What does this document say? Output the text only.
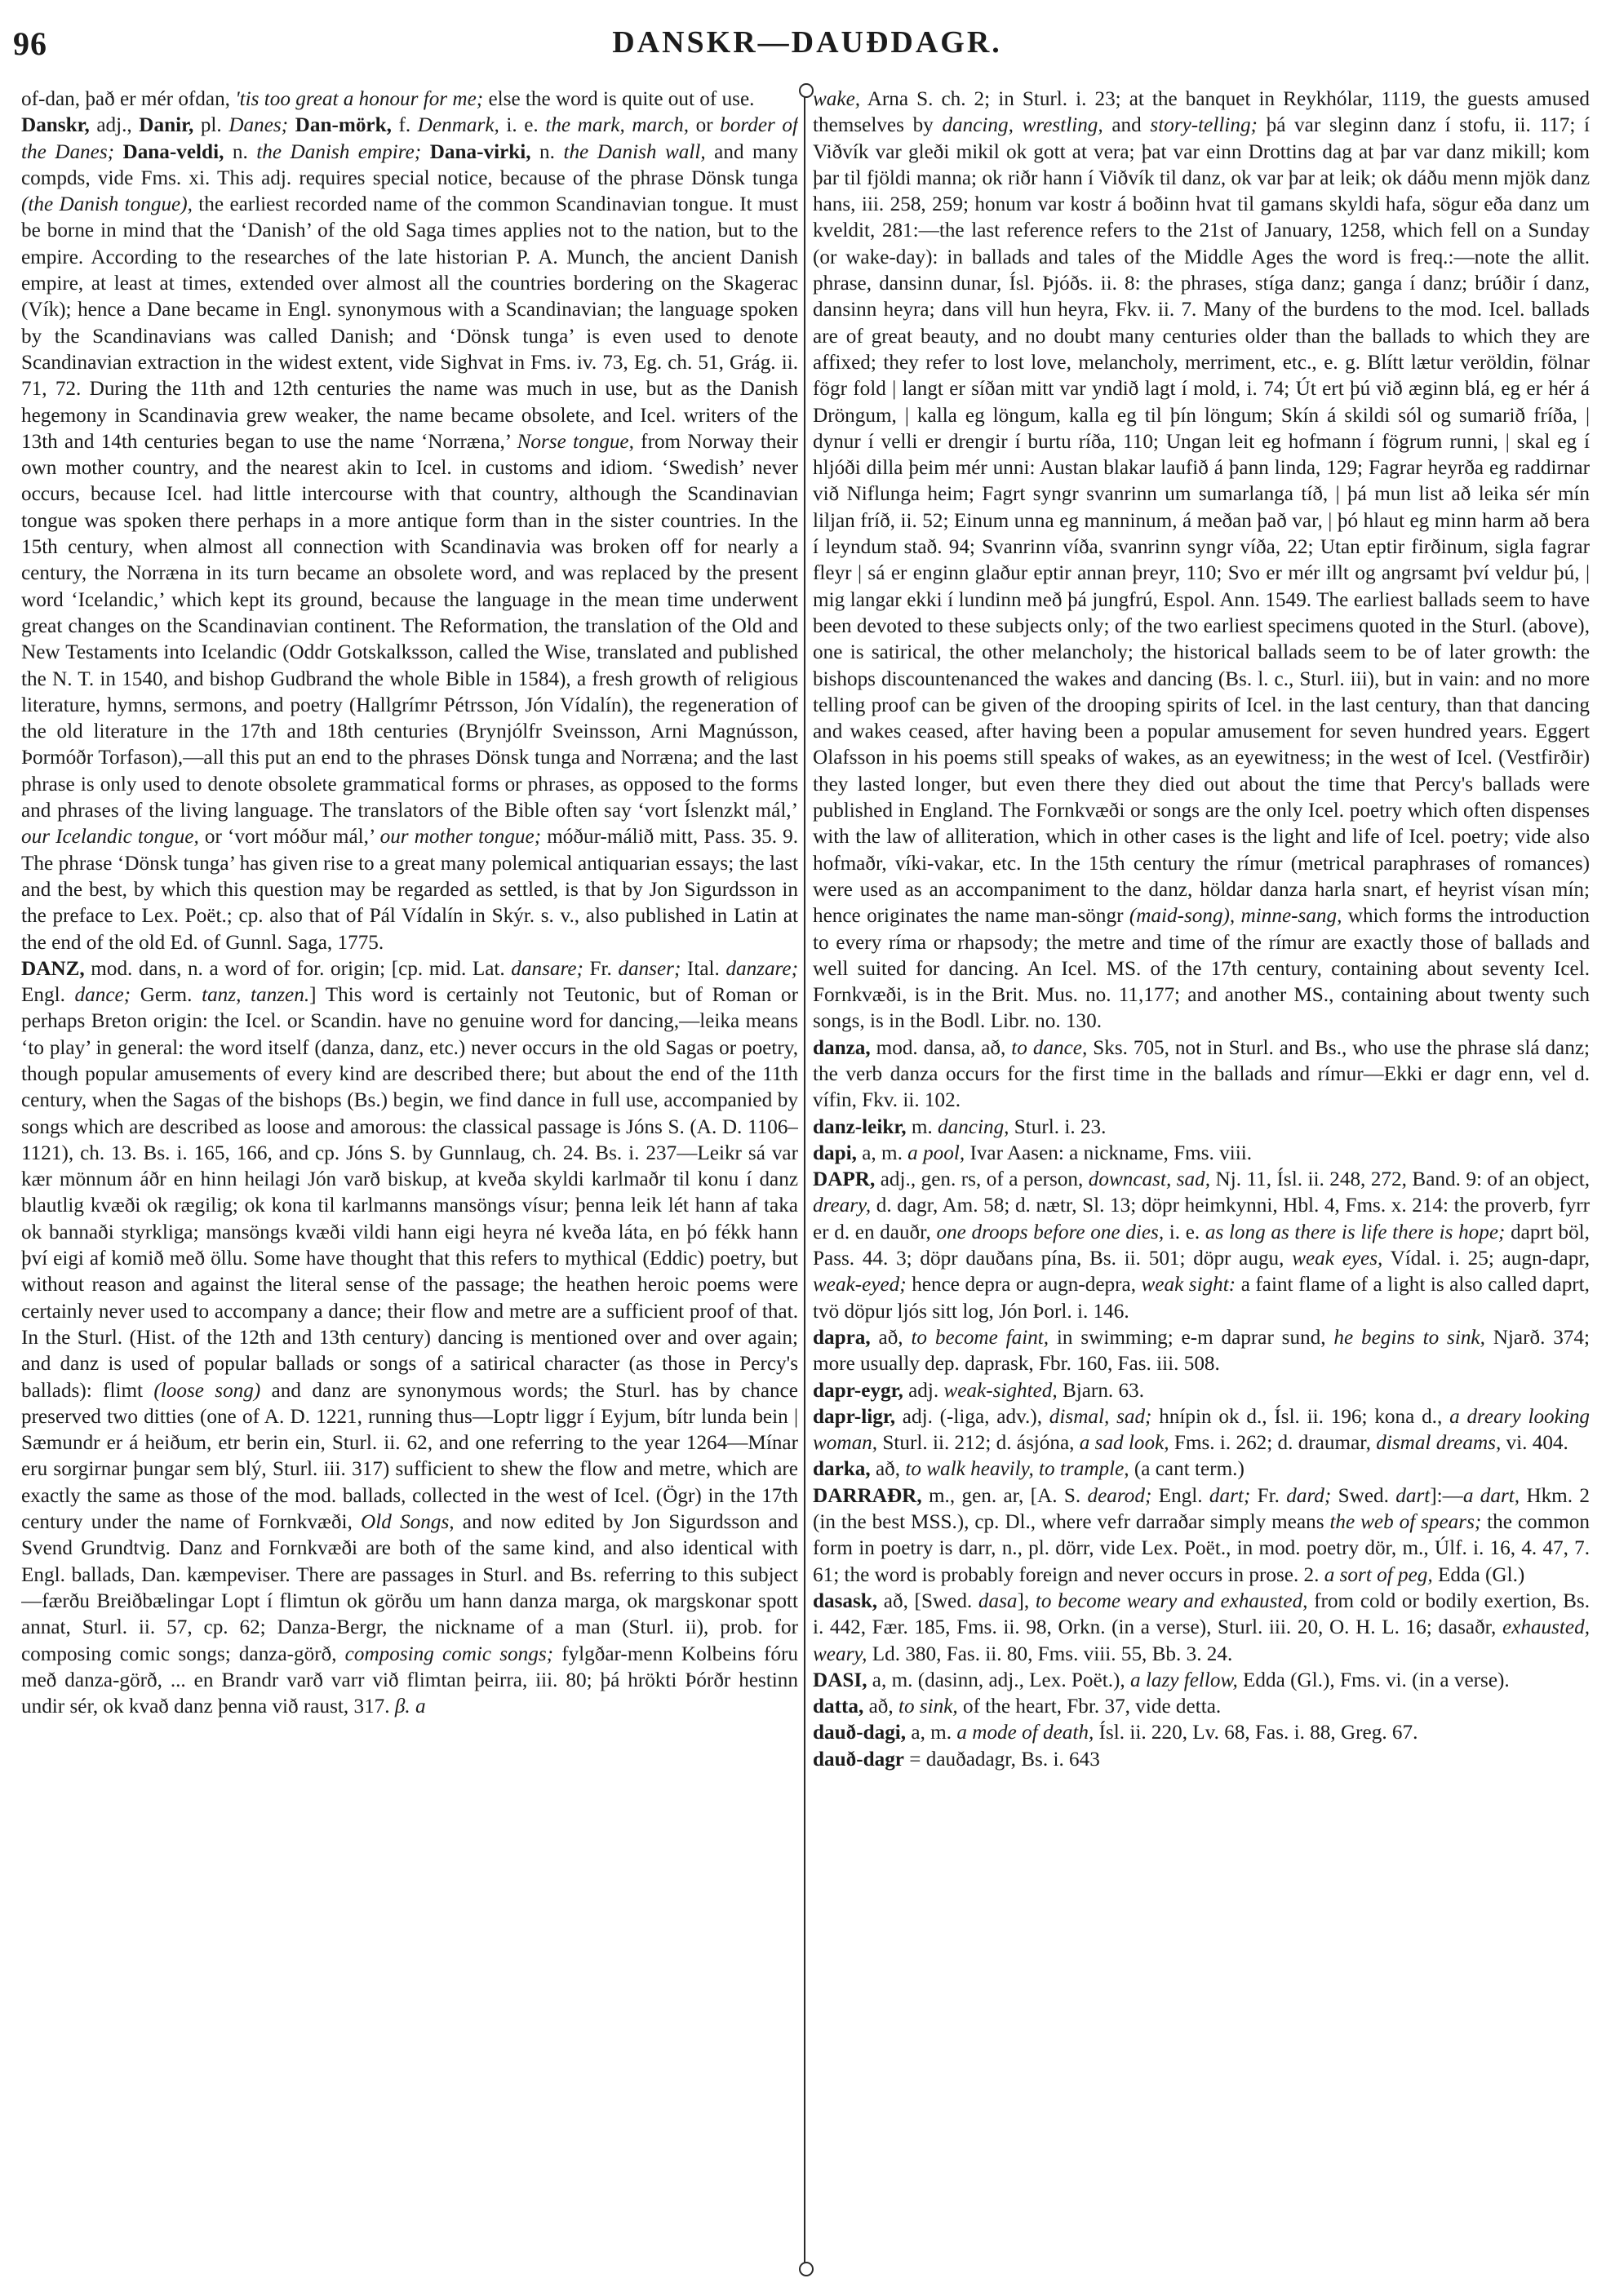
96	DANSKR—DAUÐDAGR.

of-dan, það er mér ofdan, 'tis too great a honour for me; else the word is quite out of use.

Danskr, adj., Danir, pl. Danes; Dan-mörk, f. Denmark, i. e. the mark, march, or border of the Danes; Dana-veldi, n. the Danish empire; Dana-virki, n. the Danish wall, and many compds, vide Fms. xi. This adj. requires special notice, because of the phrase Dönsk tunga (the Danish tongue), the earliest recorded name of the common Scandinavian tongue. It must be borne in mind that the ‘Danish’ of the old Saga times applies not to the nation, but to the empire. According to the researches of the late historian P. A. Munch, the ancient Danish empire, at least at times, extended over almost all the countries bordering on the Skagerac (Vík); hence a Dane became in Engl. synonymous with a Scandinavian; the language spoken by the Scandinavians was called Danish; and ‘Dönsk tunga’ is even used to denote Scandinavian extraction in the widest extent, vide Sighvat in Fms. iv. 73, Eg. ch. 51, Grág. ii. 71, 72. During the 11th and 12th centuries the name was much in use, but as the Danish hegemony in Scandinavia grew weaker, the name became obsolete, and Icel. writers of the 13th and 14th centuries began to use the name ‘Norræna,’ Norse tongue, from Norway their own mother country, and the nearest akin to Icel. in customs and idiom. ‘Swedish’ never occurs, because Icel. had little intercourse with that country, although the Scandinavian tongue was spoken there perhaps in a more antique form than in the sister countries. In the 15th century, when almost all connection with Scandinavia was broken off for nearly a century, the Norræna in its turn became an obsolete word, and was replaced by the present word ‘Icelandic,’ which kept its ground, because the language in the mean time underwent great changes on the Scandinavian continent. The Reformation, the translation of the Old and New Testaments into Icelandic (Oddr Gotskalksson, called the Wise, translated and published the N. T. in 1540, and bishop Gudbrand the whole Bible in 1584), a fresh growth of religious literature, hymns, sermons, and poetry (Hallgrímr Pétrsson, Jón Vídalín), the regeneration of the old literature in the 17th and 18th centuries (Brynjólfr Sveinsson, Arni Magnússon, Þormóðr Torfason),—all this put an end to the phrases Dönsk tunga and Norræna; and the last phrase is only used to denote obsolete grammatical forms or phrases, as opposed to the forms and phrases of the living language. The translators of the Bible often say ‘vort Íslenzkt mál,’ our Icelandic tongue, or ‘vort móður mál,’ our mother tongue; móður-málið mitt, Pass. 35. 9. The phrase ‘Dönsk tunga’ has given rise to a great many polemical antiquarian essays; the last and the best, by which this question may be regarded as settled, is that by Jon Sigurdsson in the preface to Lex. Poët.; cp. also that of Pál Vídalín in Skýr. s. v., also published in Latin at the end of the old Ed. of Gunnl. Saga, 1775.

DANZ, mod. dans, n. a word of for. origin; [cp. mid. Lat. dansare; Fr. danser; Ital. danzare; Engl. dance; Germ. tanz, tanzen.] This word is certainly not Teutonic, but of Roman or perhaps Breton origin: the Icel. or Scandin. have no genuine word for dancing,—leika means ‘to play’ in general: the word itself (danza, danz, etc.) never occurs in the old Sagas or poetry, though popular amusements of every kind are described there; but about the end of the 11th century, when the Sagas of the bishops (Bs.) begin, we find dance in full use, accompanied by songs which are described as loose and amorous: the classical passage is Jóns S. (A. D. 1106–1121), ch. 13. Bs. i. 165, 166, and cp. Jóns S. by Gunnlaug, ch. 24. Bs. i. 237—Leikr sá var kær mönnum áðr en hinn heilagi Jón varð biskup, at kveða skyldi karlmaðr til konu í danz blautlig kvæði ok rægilig; ok kona til karlmanns mansöngs vísur; þenna leik lét hann af taka ok bannaði styrkliga; mansöngs kvæði vildi hann eigi heyra né kveða láta, en þó fékk hann því eigi af komið með öllu. Some have thought that this refers to mythical (Eddic) poetry, but without reason and against the literal sense of the passage; the heathen heroic poems were certainly never used to accompany a dance; their flow and metre are a sufficient proof of that. In the Sturl. (Hist. of the 12th and 13th century) dancing is mentioned over and over again; and danz is used of popular ballads or songs of a satirical character (as those in Percy's ballads): flimt (loose song) and danz are synonymous words; the Sturl. has by chance preserved two ditties (one of A. D. 1221, running thus—Loptr liggr í Eyjum, bítr lunda bein | Sæmundr er á heiðum, etr berin ein, Sturl. ii. 62, and one referring to the year 1264—Mínar eru sorgirnar þungar sem blý, Sturl. iii. 317) sufficient to shew the flow and metre, which are exactly the same as those of the mod. ballads, collected in the west of Icel. (Ögr) in the 17th century under the name of Fornkvæði, Old Songs, and now edited by Jon Sigurdsson and Svend Grundtvig. Danz and Fornkvæði are both of the same kind, and also identical with Engl. ballads, Dan. kæmpeviser. There are passages in Sturl. and Bs. referring to this subject—færðu Breiðbælingar Lopt í flimtun ok görðu um hann danza marga, ok margskonar spott annat, Sturl. ii. 57, cp. 62; Danza-Bergr, the nickname of a man (Sturl. ii), prob. for composing comic songs; danza-görð, composing comic songs; fylgðar-menn Kolbeins fóru með danza-görð, ... en Brandr varð varr við flimtan þeirra, iii. 80; þá hrökti Þórðr hestinn undir sér, ok kvað danz þenna við raust, 317. β. a

wake, Arna S. ch. 2; in Sturl. i. 23; at the banquet in Reykhólar, 1119, the guests amused themselves by dancing, wrestling, and story-telling; þá var sleginn danz í stofu, ii. 117; í Viðvík var gleði mikil ok gott at vera; þat var einn Drottins dag at þar var danz mikill; kom þar til fjöldi manna; ok riðr hann í Viðvík til danz, ok var þar at leik; ok dáðu menn mjök danz hans, iii. 258, 259; honum var kostr á boðinn hvat til gamans skyldi hafa, sögur eða danz um kveldit, 281:—the last reference refers to the 21st of January, 1258, which fell on a Sunday (or wake-day): in ballads and tales of the Middle Ages the word is freq.:—note the allit. phrase, dansinn dunar, Ísl. Þjóðs. ii. 8: the phrases, stíga danz; ganga í danz; brúðir í danz, dansinn heyra; dans vill hun heyra, Fkv. ii. 7. Many of the burdens to the mod. Icel. ballads are of great beauty, and no doubt many centuries older than the ballads to which they are affixed; they refer to lost love, melancholy, merriment, etc., e. g. Blítt lætur veröldin, fölnar fögr fold | langt er síðan mitt var yndið lagt í mold, i. 74; Út ert þú við æginn blá, eg er hér á Dröngum, | kalla eg löngum, kalla eg til þín löngum; Skín á skildi sól og sumarið fríða, | dynur í velli er drengir í burtu ríða, 110; Ungan leit eg hofmann í fögrum runni, | skal eg í hljóði dilla þeim mér unni: Austan blakar laufið á þann linda, 129; Fagrar heyrða eg raddirnar við Niflunga heim; Fagrt syngr svanrinn um sumarlanga tíð, | þá mun list að leika sér mín liljan fríð, ii. 52; Einum unna eg manninum, á meðan það var, | þó hlaut eg minn harm að bera í leyndum stað. 94; Svanrinn víða, svanrinn syngr víða, 22; Utan eptir firðinum, sigla fagrar fleyr | sá er enginn glaður eptir annan þreyr, 110; Svo er mér illt og angrsamt því veldur þú, | mig langar ekki í lundinn með þá jungfrú, Espol. Ann. 1549. The earliest ballads seem to have been devoted to these subjects only; of the two earliest specimens quoted in the Sturl. (above), one is satirical, the other melancholy; the historical ballads seem to be of later growth: the bishops discountenanced the wakes and dancing (Bs. l. c., Sturl. iii), but in vain: and no more telling proof can be given of the drooping spirits of Icel. in the last century, than that dancing and wakes ceased, after having been a popular amusement for seven hundred years. Eggert Olafsson in his poems still speaks of wakes, as an eyewitness; in the west of Icel. (Vestfirðir) they lasted longer, but even there they died out about the time that Percy's ballads were published in England. The Fornkvæði or songs are the only Icel. poetry which often dispenses with the law of alliteration, which in other cases is the light and life of Icel. poetry; vide also hofmaðr, víki-vakar, etc. In the 15th century the rímur (metrical paraphrases of romances) were used as an accompaniment to the danz, höldar danza harla snart, ef heyrist vísan mín; hence originates the name man-söngr (maid-song), minne-sang, which forms the introduction to every ríma or rhapsody; the metre and time of the rímur are exactly those of ballads and well suited for dancing. An Icel. MS. of the 17th century, containing about seventy Icel. Fornkvæði, is in the Brit. Mus. no. 11,177; and another MS., containing about twenty such songs, is in the Bodl. Libr. no. 130.

danza, mod. dansa, að, to dance, Sks. 705, not in Sturl. and Bs., who use the phrase slá danz; the verb danza occurs for the first time in the ballads and rímur—Ekki er dagr enn, vel d. vífin, Fkv. ii. 102.

danz-leikr, m. dancing, Sturl. i. 23.

dapi, a, m. a pool, Ivar Aasen: a nickname, Fms. viii.

DAPR, adj., gen. rs, of a person, downcast, sad, Nj. 11, Ísl. ii. 248, 272, Band. 9: of an object, dreary, d. dagr, Am. 58; d. nætr, Sl. 13; döpr heimkynni, Hbl. 4, Fms. x. 214: the proverb, fyrr er d. en dauðr, one droops before one dies, i. e. as long as there is life there is hope; daprt böl, Pass. 44. 3; döpr dauðans pína, Bs. ii. 501; döpr augu, weak eyes, Vídal. i. 25; augn-dapr, weak-eyed; hence depra or augn-depra, weak sight: a faint flame of a light is also called daprt, tvö döpur ljós sitt log, Jón Þorl. i. 146.

dapra, að, to become faint, in swimming; e-m daprar sund, he begins to sink, Njarð. 374; more usually dep. daprask, Fbr. 160, Fas. iii. 508.

dapr-eygr, adj. weak-sighted, Bjarn. 63.

dapr-ligr, adj. (-liga, adv.), dismal, sad; hnípin ok d., Ísl. ii. 196; kona d., a dreary looking woman, Sturl. ii. 212; d. ásjóna, a sad look, Fms. i. 262; d. draumar, dismal dreams, vi. 404.

darka, að, to walk heavily, to trample, (a cant term.)

DARRAÐR, m., gen. ar, [A. S. dearod; Engl. dart; Fr. dard; Swed. dart]:—a dart, Hkm. 2 (in the best MSS.), cp. Dl., where vefr darraðar simply means the web of spears; the common form in poetry is darr, n., pl. dörr, vide Lex. Poët., in mod. poetry dör, m., Úlf. i. 16, 4. 47, 7. 61; the word is probably foreign and never occurs in prose. 2. a sort of peg, Edda (Gl.)

dasask, að, [Swed. dasa], to become weary and exhausted, from cold or bodily exertion, Bs. i. 442, Fær. 185, Fms. ii. 98, Orkn. (in a verse), Sturl. iii. 20, O. H. L. 16; dasaðr, exhausted, weary, Ld. 380, Fas. ii. 80, Fms. viii. 55, Bb. 3. 24.

DASI, a, m. (dasinn, adj., Lex. Poët.), a lazy fellow, Edda (Gl.), Fms. vi. (in a verse).

datta, að, to sink, of the heart, Fbr. 37, vide detta.

dauð-dagi, a, m. a mode of death, Ísl. ii. 220, Lv. 68, Fas. i. 88, Greg. 67.

dauð-dagr = dauðadagr, Bs. i. 643
